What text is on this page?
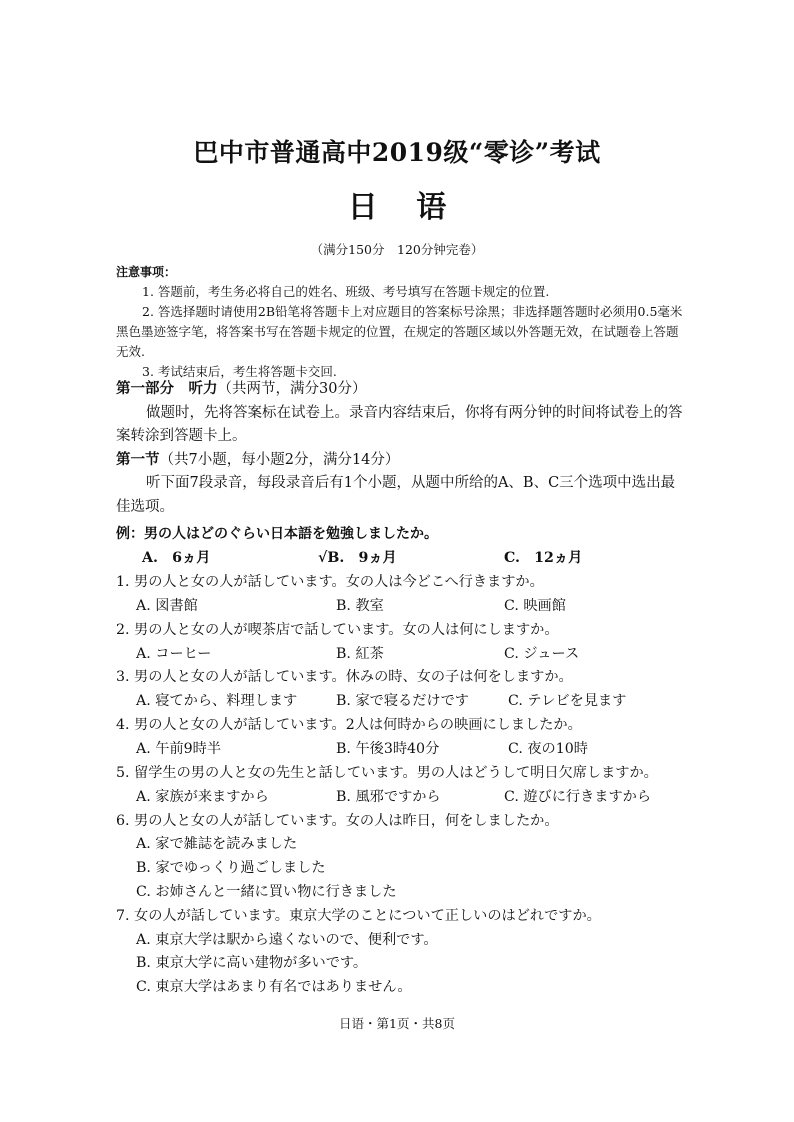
巴中市普通高中2019级“零诊”考试
日 语
（满分150分　120分钟完卷）
注意事项：
1. 答题前，考生务必将自己的姓名、班级、考号填写在答题卡规定的位置.
2. 答选择题时请使用2B铅笔将答题卡上对应题目的答案标号涂黑；非选择题答题时必须用0.5毫米黑色墨迹签字笔，将答案书写在答题卡规定的位置，在规定的答题区域以外答题无效，在试题卷上答题无效.
3. 考试结束后，考生将答题卡交回.
第一部分　听力（共两节，满分30分）
做题时，先将答案标在试卷上。录音内容结束后，你将有两分钟的时间将试卷上的答案转涂到答题卡上。
第一节（共7小题，每小题2分，满分14分）
听下面7段录音，每段录音后有1个小题，从题中所给的A、B、C三个选项中选出最佳选项。
例：男の人はどのぐらい日本語を勉強しましたか。
A.　6ヵ月	√B.　9ヵ月	C.　12ヵ月
1. 男の人と女の人が話しています。女の人は今どこへ行きますか。
A. 図書館	B. 教室	C. 映画館
2. 男の人と女の人が喫茶店で話しています。女の人は何にしますか。
A. コーヒー	B. 紅茶	C. ジュース
3. 男の人と女の人が話しています。休みの時、女の子は何をしますか。
A. 寝てから、料理します	B. 家で寝るだけです	C. テレビを見ます
4. 男の人と女の人が話しています。2人は何時からの映画にしましたか。
A. 午前9時半	B. 午後3時40分	C. 夜の10時
5. 留学生の男の人と女の先生と話しています。男の人はどうして明日欠席しますか。
A. 家族が来ますから	B. 風邪ですから	C. 遊びに行きますから
6. 男の人と女の人が話しています。女の人は昨日，何をしましたか。
A. 家で雑誌を読みました
B. 家でゆっくり過ごしました
C. お姉さんと一緒に買い物に行きました
7. 女の人が話しています。東京大学のことについて正しいのはどれですか。
A. 東京大学は駅から遠くないので、便利です。
B. 東京大学に高い建物が多いです。
C. 東京大学はあまり有名ではありません。
日语・第1页・共8页
